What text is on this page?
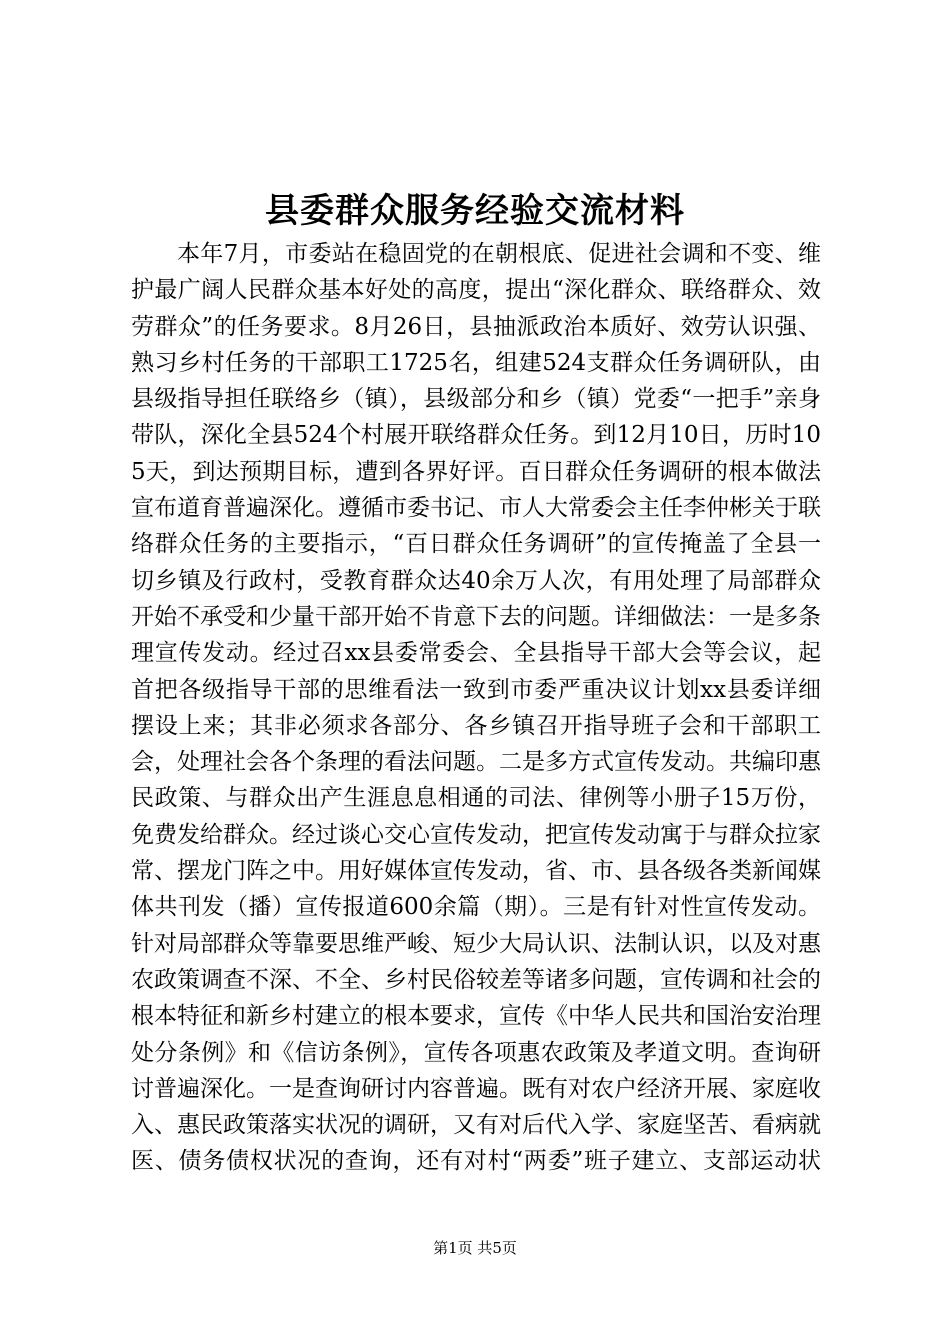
县委群众服务经验交流材料

本年7月，市委站在稳固党的在朝根底、促进社会调和不变、维护最广阔人民群众基本好处的高度，提出“深化群众、联络群众、效劳群众”的任务要求。8月26日，县抽派政治本质好、效劳认识强、熟习乡村任务的干部职工1725名，组建524支群众任务调研队，由县级指导担任联络乡（镇），县级部分和乡（镇）党委“一把手”亲身带队，深化全县524个村展开联络群众任务。到12月10日，历时105天，到达预期目标，遭到各界好评。百日群众任务调研的根本做法宣布道育普遍深化。遵循市委书记、市人大常委会主任李仲彬关于联络群众任务的主要指示，“百日群众任务调研”的宣传掩盖了全县一切乡镇及行政村，受教育群众达40余万人次，有用处理了局部群众开始不承受和少量干部开始不肯意下去的问题。详细做法：一是多条理宣传发动。经过召xx县委常委会、全县指导干部大会等会议，起首把各级指导干部的思维看法一致到市委严重决议计划xx县委详细摆设上来；其非必须求各部分、各乡镇召开指导班子会和干部职工会，处理社会各个条理的看法问题。二是多方式宣传发动。共编印惠民政策、与群众出产生涯息息相通的司法、律例等小册子15万份，免费发给群众。经过谈心交心宣传发动，把宣传发动寓于与群众拉家常、摆龙门阵之中。用好媒体宣传发动，省、市、县各级各类新闻媒体共刊发（播）宣传报道600余篇（期）。三是有针对性宣传发动。针对局部群众等靠要思维严峻、短少大局认识、法制认识，以及对惠农政策调查不深、不全、乡村民俗较差等诸多问题，宣传调和社会的根本特征和新乡村建立的根本要求，宣传《中华人民共和国治安治理处分条例》和《信访条例》，宣传各项惠农政策及孝道文明。查询研讨普遍深化。一是查询研讨内容普遍。既有对农户经济开展、家庭收入、惠民政策落实状况的调研，又有对后代入学、家庭坚苦、看病就医、债务债权状况的查询，还有对村“两委”班子建立、支部运动状

第1页 共5页
